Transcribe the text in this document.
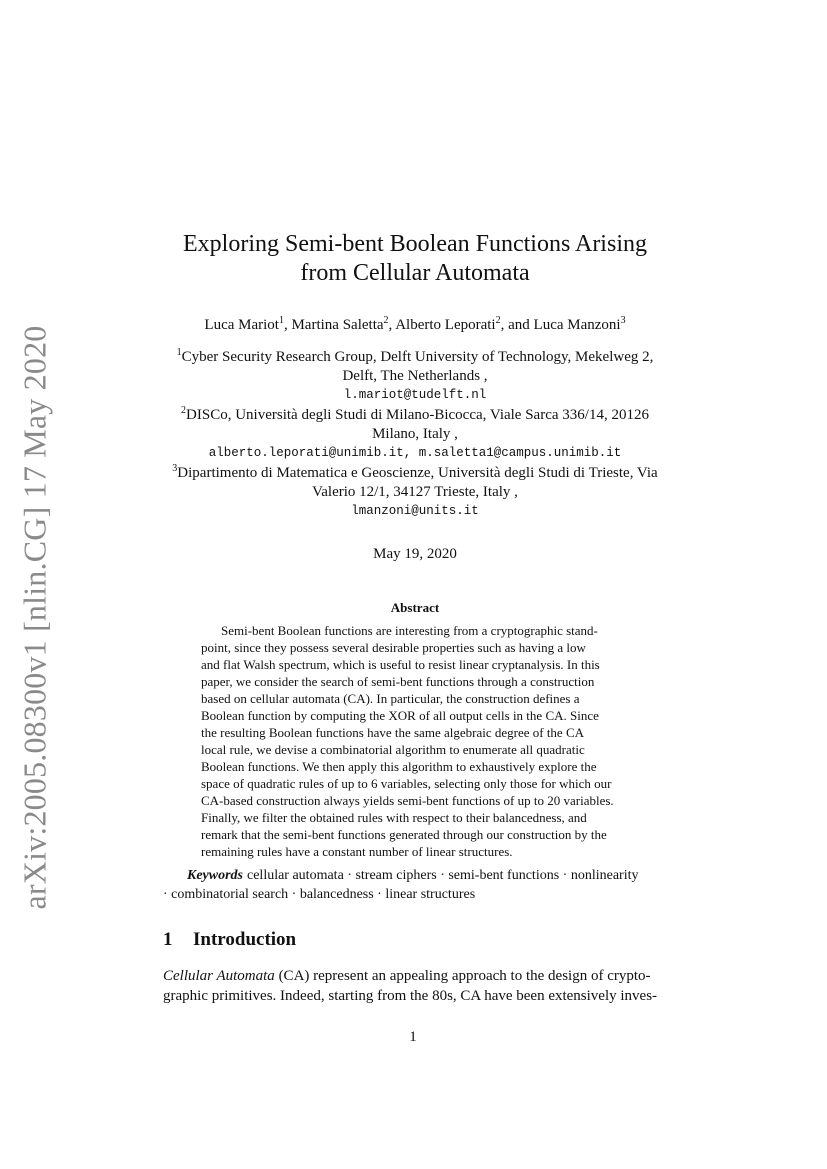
arXiv:2005.08300v1 [nlin.CG] 17 May 2020
Exploring Semi-bent Boolean Functions Arising
from Cellular Automata
Luca Mariot$^1$, Martina Saletta$^2$, Alberto Leporati$^2$, and Luca Manzoni$^3$
$^1$Cyber Security Research Group, Delft University of Technology, Mekelweg 2,
Delft, The Netherlands ,
l.mariot@tudelft.nl
$^2$DISCo, Università degli Studi di Milano-Bicocca, Viale Sarca 336/14, 20126
Milano, Italy ,
alberto.leporati@unimib.it, m.saletta1@campus.unimib.it
$^3$Dipartimento di Matematica e Geoscienze, Università degli Studi di Trieste, Via
Valerio 12/1, 34127 Trieste, Italy ,
lmanzoni@units.it
May 19, 2020
Abstract
Semi-bent Boolean functions are interesting from a cryptographic stand-
point, since they possess several desirable properties such as having a low
and flat Walsh spectrum, which is useful to resist linear cryptanalysis. In this
paper, we consider the search of semi-bent functions through a construction
based on cellular automata (CA). In particular, the construction defines a
Boolean function by computing the XOR of all output cells in the CA. Since
the resulting Boolean functions have the same algebraic degree of the CA
local rule, we devise a combinatorial algorithm to enumerate all quadratic
Boolean functions. We then apply this algorithm to exhaustively explore the
space of quadratic rules of up to 6 variables, selecting only those for which our
CA-based construction always yields semi-bent functions of up to 20 variables.
Finally, we filter the obtained rules with respect to their balancedness, and
remark that the semi-bent functions generated through our construction by the
remaining rules have a constant number of linear structures.
Keywords cellular automata · stream ciphers · semi-bent functions · nonlinearity
· combinatorial search · balancedness · linear structures
1 Introduction
Cellular Automata (CA) represent an appealing approach to the design of crypto-
graphic primitives. Indeed, starting from the 80s, CA have been extensively inves-
1
